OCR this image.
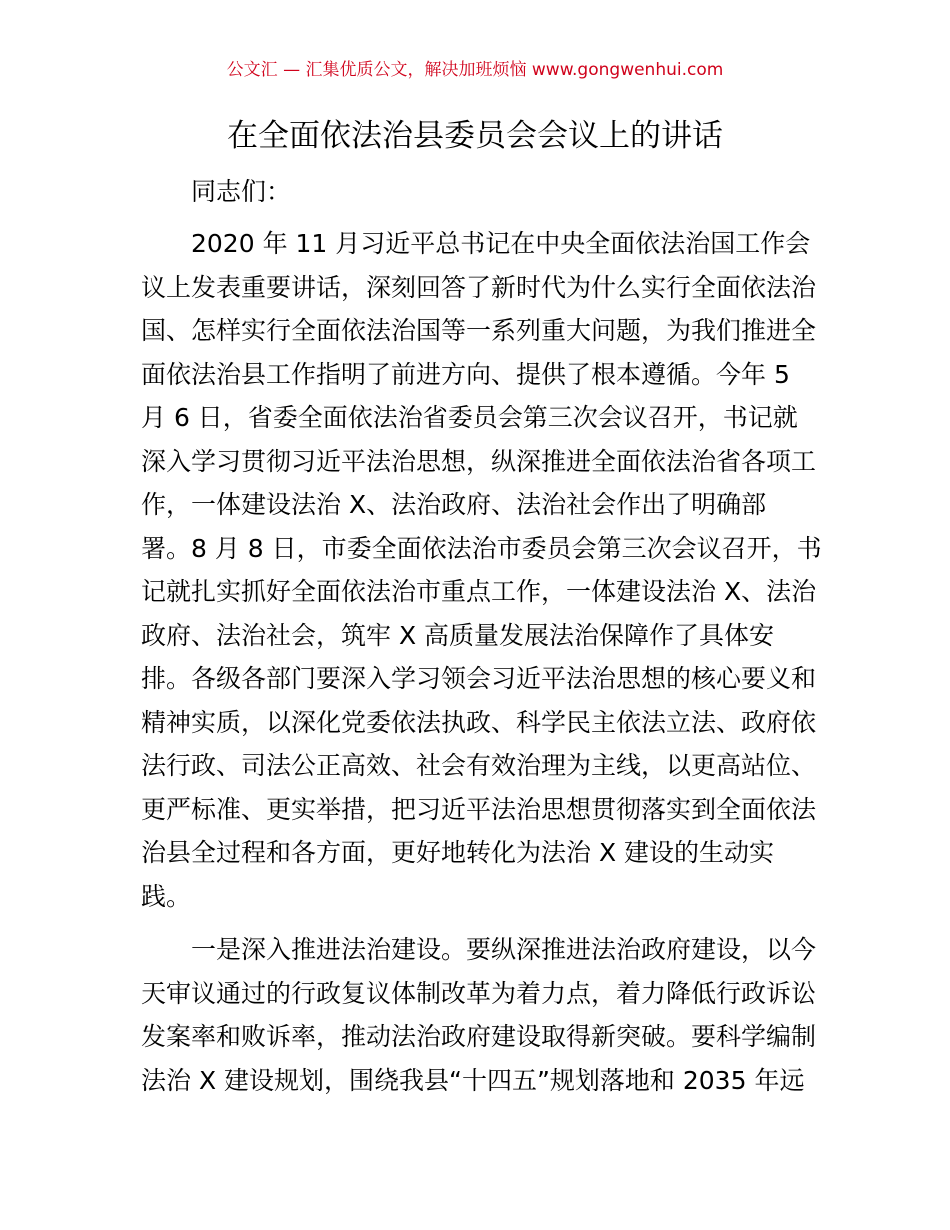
公文汇 — 汇集优质公文，解决加班烦恼 www.gongwenhui.com
在全面依法治县委员会会议上的讲话
同志们：
2020 年 11 月习近平总书记在中央全面依法治国工作会
议上发表重要讲话，深刻回答了新时代为什么实行全面依法治
国、怎样实行全面依法治国等一系列重大问题，为我们推进全
面依法治县工作指明了前进方向、提供了根本遵循。今年 5
月 6 日，省委全面依法治省委员会第三次会议召开，书记就
深入学习贯彻习近平法治思想，纵深推进全面依法治省各项工
作，一体建设法治 X、法治政府、法治社会作出了明确部
署。8 月 8 日，市委全面依法治市委员会第三次会议召开，书
记就扎实抓好全面依法治市重点工作，一体建设法治 X、法治
政府、法治社会，筑牢 X 高质量发展法治保障作了具体安
排。各级各部门要深入学习领会习近平法治思想的核心要义和
精神实质，以深化党委依法执政、科学民主依法立法、政府依
法行政、司法公正高效、社会有效治理为主线，以更高站位、
更严标准、更实举措，把习近平法治思想贯彻落实到全面依法
治县全过程和各方面，更好地转化为法治 X 建设的生动实
践。
一是深入推进法治建设。要纵深推进法治政府建设，以今
天审议通过的行政复议体制改革为着力点，着力降低行政诉讼
发案率和败诉率，推动法治政府建设取得新突破。要科学编制
法治 X 建设规划，围绕我县“十四五”规划落地和 2035 年远
